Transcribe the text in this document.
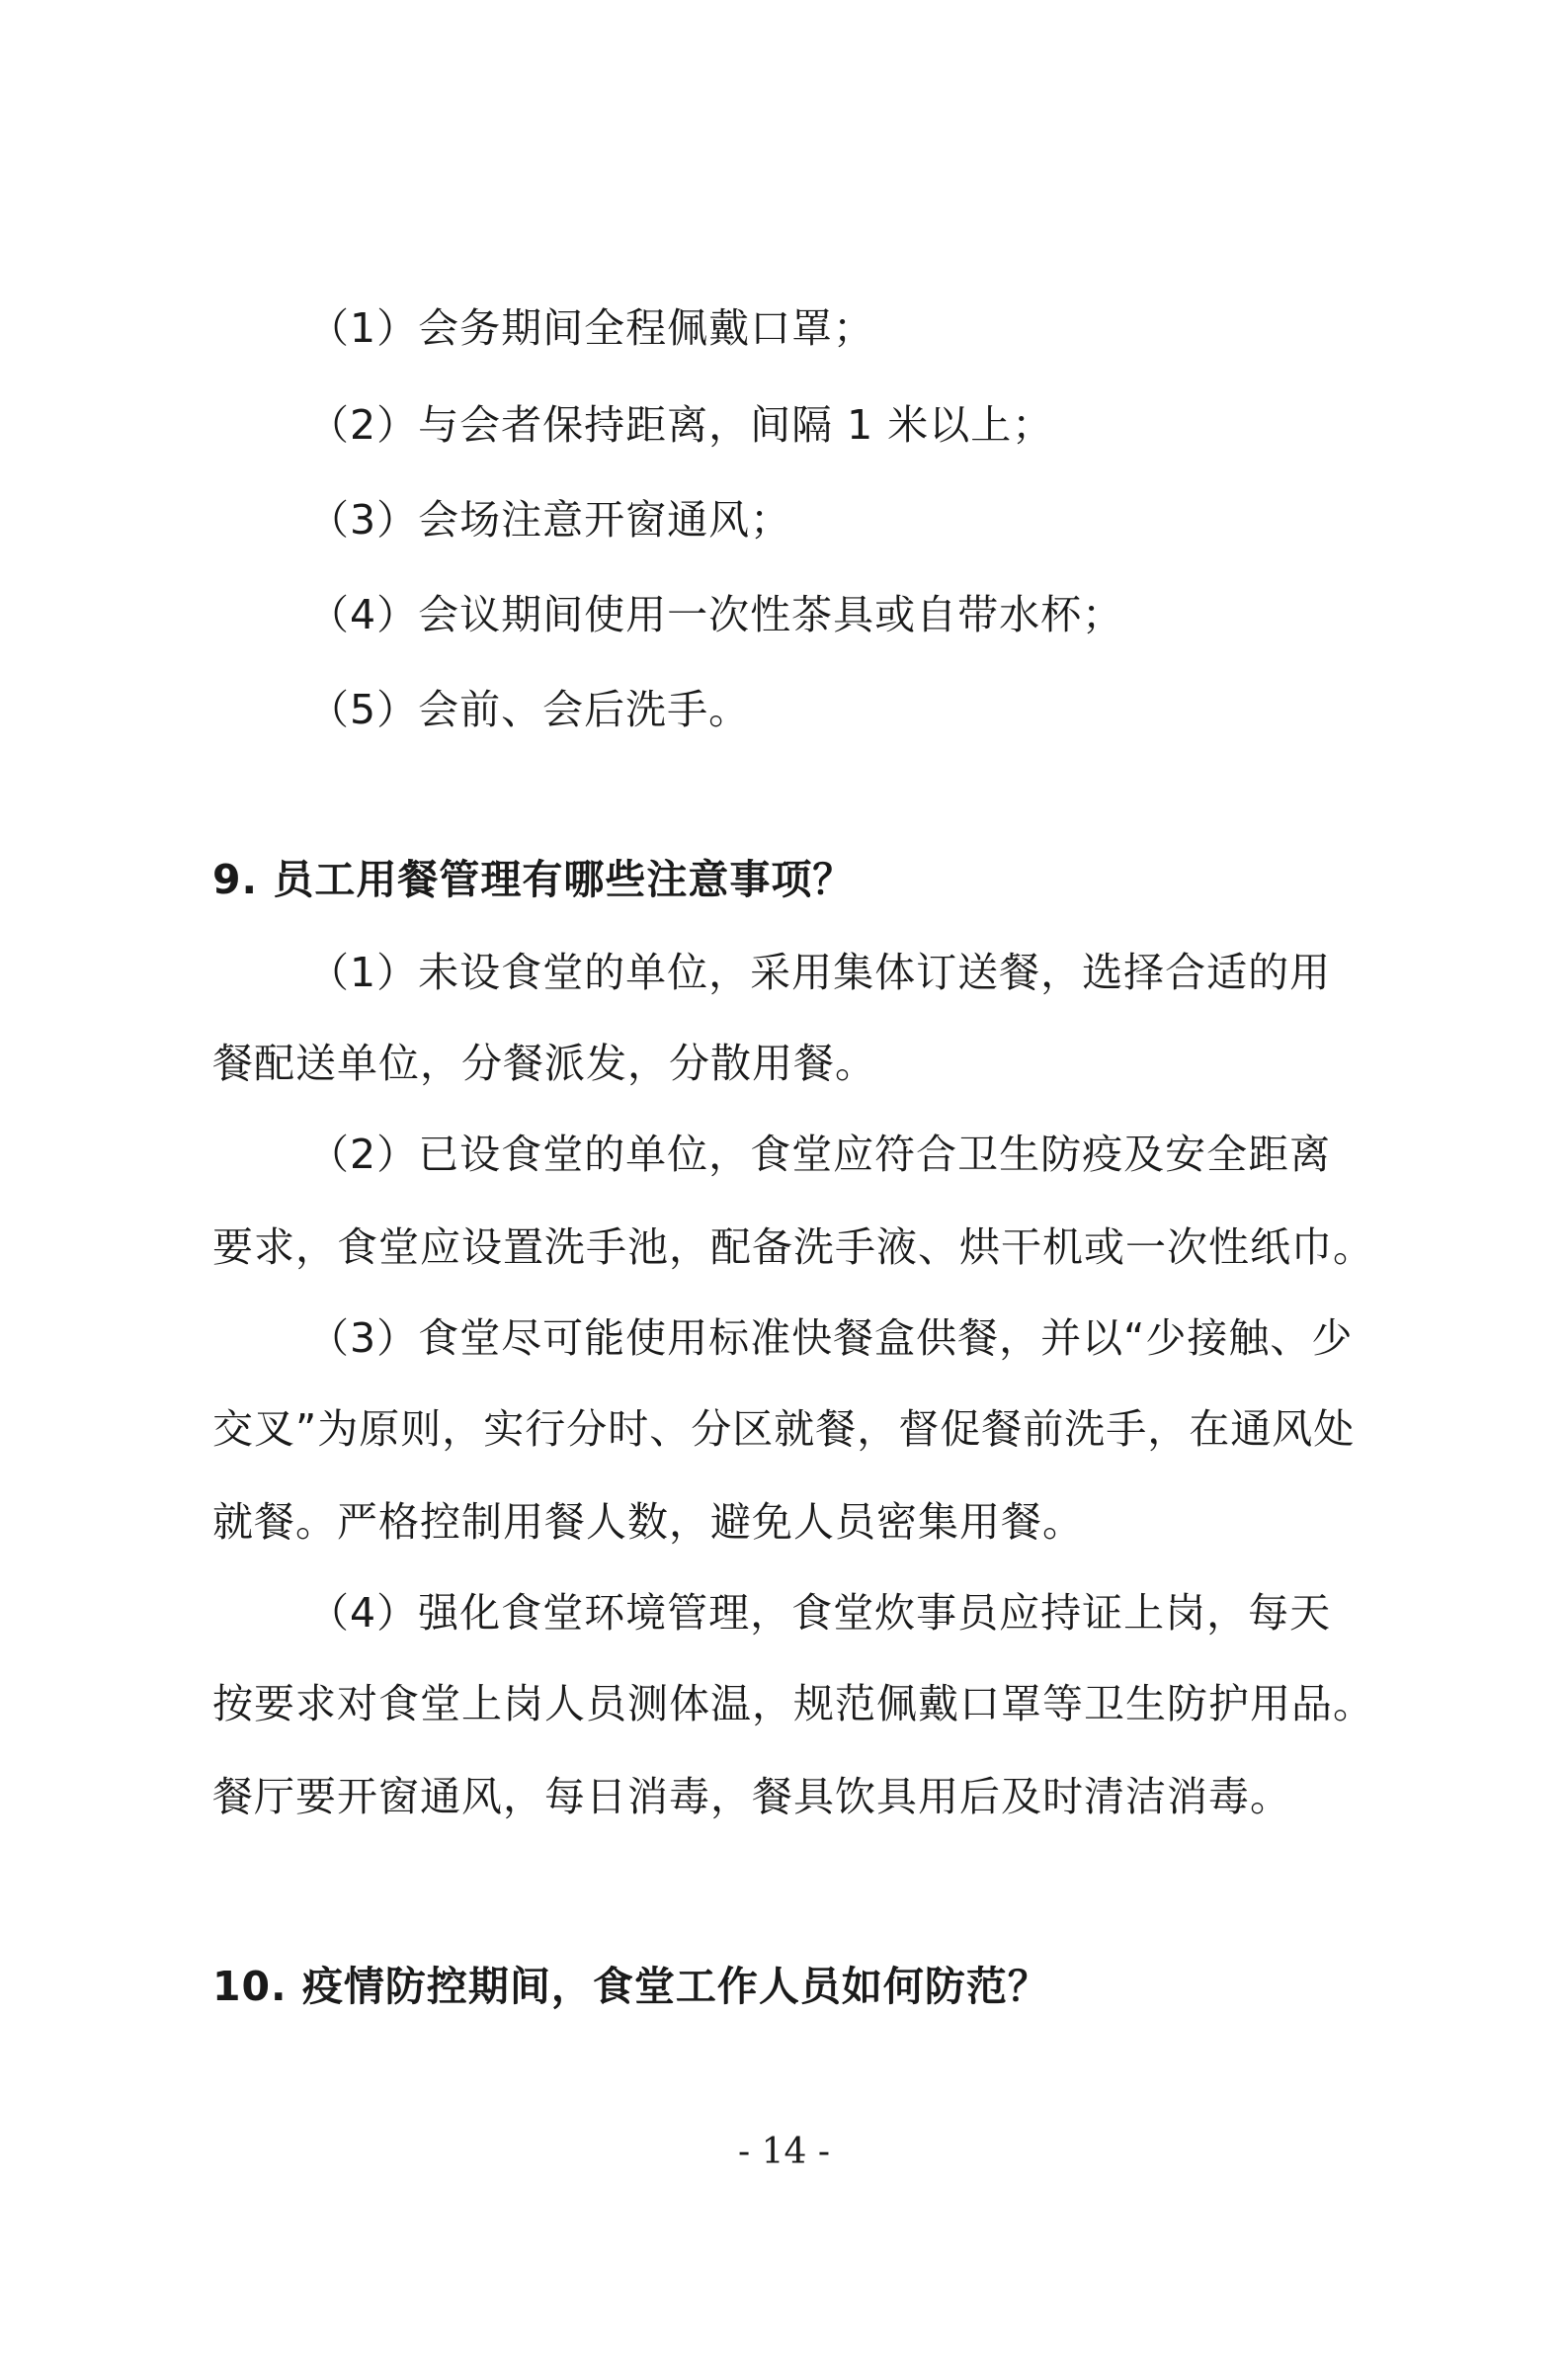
（1）会务期间全程佩戴口罩；
（2）与会者保持距离，间隔 1 米以上；
（3）会场注意开窗通风；
（4）会议期间使用一次性茶具或自带水杯；
（5）会前、会后洗手。
9. 员工用餐管理有哪些注意事项？
（1）未设食堂的单位，采用集体订送餐，选择合适的用
餐配送单位，分餐派发，分散用餐。
（2）已设食堂的单位，食堂应符合卫生防疫及安全距离
要求，食堂应设置洗手池，配备洗手液、烘干机或一次性纸巾。
（3）食堂尽可能使用标准快餐盒供餐，并以“少接触、少
交叉”为原则，实行分时、分区就餐，督促餐前洗手，在通风处
就餐。严格控制用餐人数，避免人员密集用餐。
（4）强化食堂环境管理，食堂炊事员应持证上岗，每天
按要求对食堂上岗人员测体温，规范佩戴口罩等卫生防护用品。
餐厅要开窗通风，每日消毒，餐具饮具用后及时清洁消毒。
10. 疫情防控期间，食堂工作人员如何防范？
- 14 -
